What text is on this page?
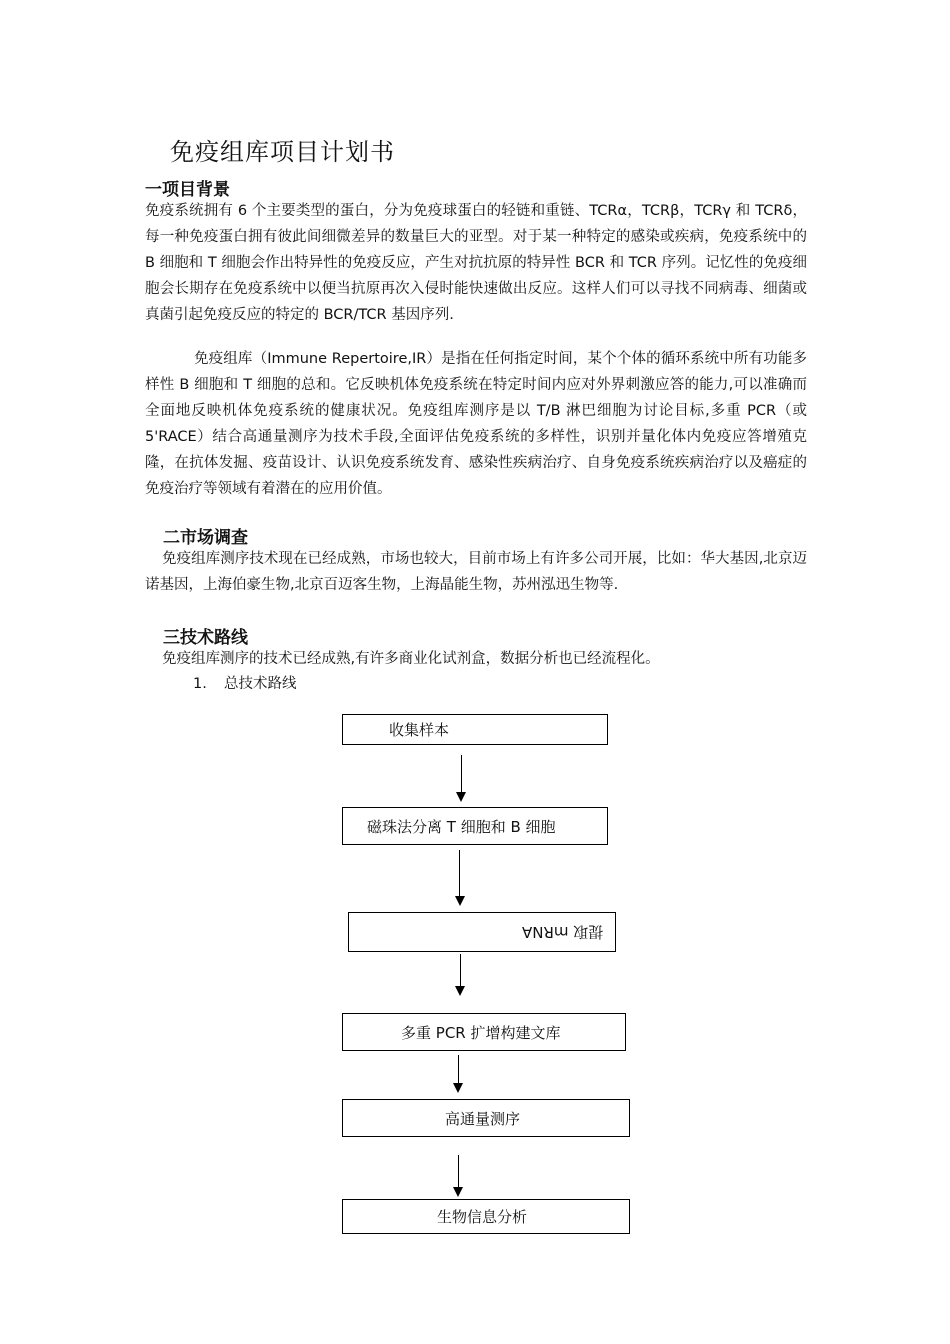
免疫组库项目计划书
一项目背景
免疫系统拥有 6 个主要类型的蛋白，分为免疫球蛋白的轻链和重链、TCRα，TCRβ，TCRγ 和 TCRδ，每一种免疫蛋白拥有彼此间细微差异的数量巨大的亚型。对于某一种特定的感染或疾病，免疫系统中的 B 细胞和 T 细胞会作出特异性的免疫反应，产生对抗抗原的特异性 BCR 和 TCR 序列。记忆性的免疫细胞会长期存在免疫系统中以便当抗原再次入侵时能快速做出反应。这样人们可以寻找不同病毒、细菌或真菌引起免疫反应的特定的 BCR/TCR 基因序列.
免疫组库（Immune Repertoire,IR）是指在任何指定时间，某个个体的循环系统中所有功能多样性 B 细胞和 T 细胞的总和。它反映机体免疫系统在特定时间内应对外界刺激应答的能力,可以准确而全面地反映机体免疫系统的健康状况。免疫组库测序是以 T/B 淋巴细胞为讨论目标,多重 PCR（或 5'RACE）结合高通量测序为技术手段,全面评估免疫系统的多样性，识别并量化体内免疫应答增殖克隆，在抗体发掘、疫苗设计、认识免疫系统发育、感染性疾病治疗、自身免疫系统疾病治疗以及癌症的免疫治疗等领域有着潜在的应用价值。
二市场调查
免疫组库测序技术现在已经成熟，市场也较大，目前市场上有许多公司开展，比如：华大基因,北京迈诺基因，上海伯豪生物,北京百迈客生物，上海晶能生物，苏州泓迅生物等.
三技术路线
免疫组库测序的技术已经成熟,有许多商业化试剂盒，数据分析也已经流程化。
1. 总技术路线
收集样本
磁珠法分离 T 细胞和 B 细胞
提取 mRNA
多重 PCR 扩增构建文库
高通量测序
生物信息分析
